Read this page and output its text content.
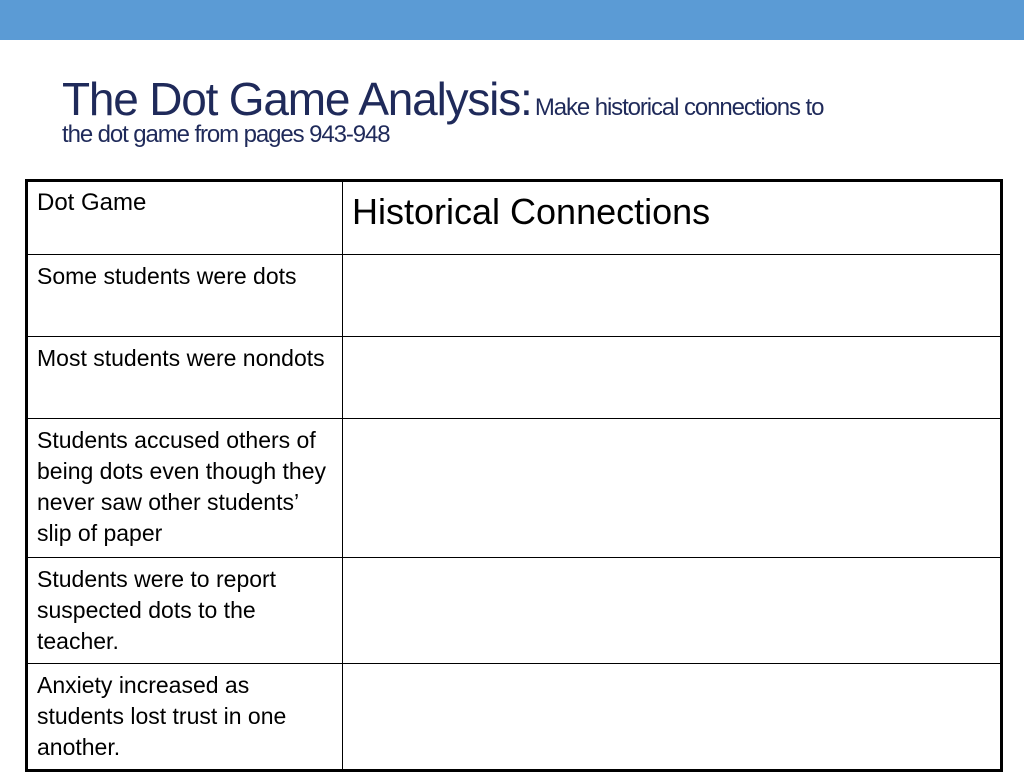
The Dot Game Analysis: Make historical connections to
the dot game from pages 943-948
Dot Game	Historical Connections
Some students were dots	
Most students were nondots	
Students accused others of being dots even though they never saw other students’ slip of paper	
Students were to report suspected dots to the teacher.	
Anxiety increased as students lost trust in one another.	
